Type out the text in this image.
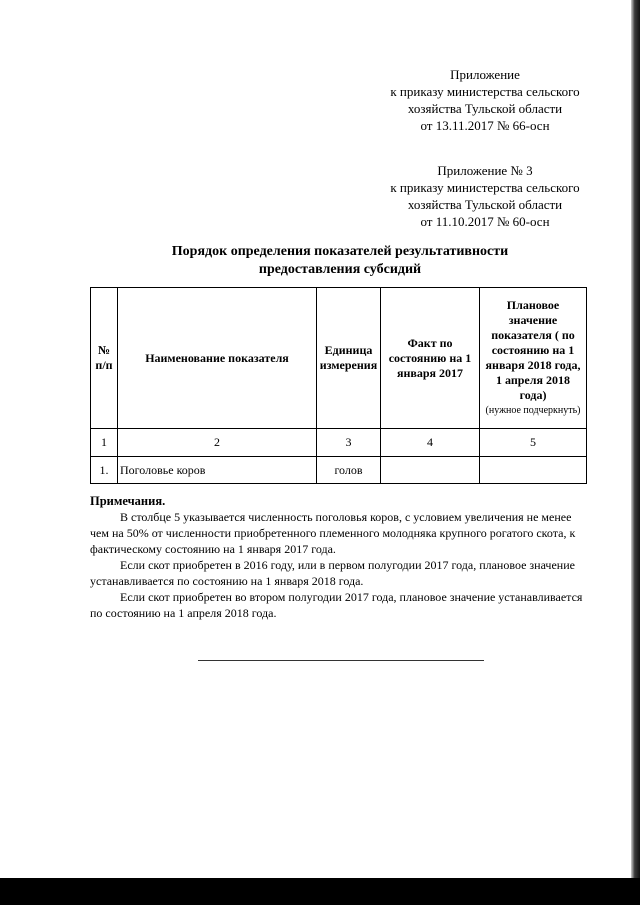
Приложение
к приказу министерства сельского
хозяйства Тульской области
от 13.11.2017 № 66-осн
Приложение № 3
к приказу министерства сельского
хозяйства Тульской области
от 11.10.2017 № 60-осн
Порядок определения показателей результативности
предоставления субсидий
№ п/п	Наименование показателя	Единица измерения	Факт по состоянию на 1 января 2017	Плановое значение показателя ( по состоянию на 1 января 2018 года, 1 апреля 2018 года)
(нужное подчеркнуть)

1	2	3	4	5
1.	Поголовье коров	голов		
Примечания.

В столбце 5 указывается численность поголовья коров, с условием увеличения не менее чем на 50% от численности приобретенного племенного молодняка крупного рогатого скота, к фактическому состоянию на 1 января 2017 года.

Если скот приобретен в 2016 году, или в первом полугодии 2017 года, плановое значение устанавливается по состоянию на 1 января 2018 года.

Если скот приобретен во втором полугодии 2017 года, плановое значение устанавливается по состоянию на 1 апреля 2018 года.
